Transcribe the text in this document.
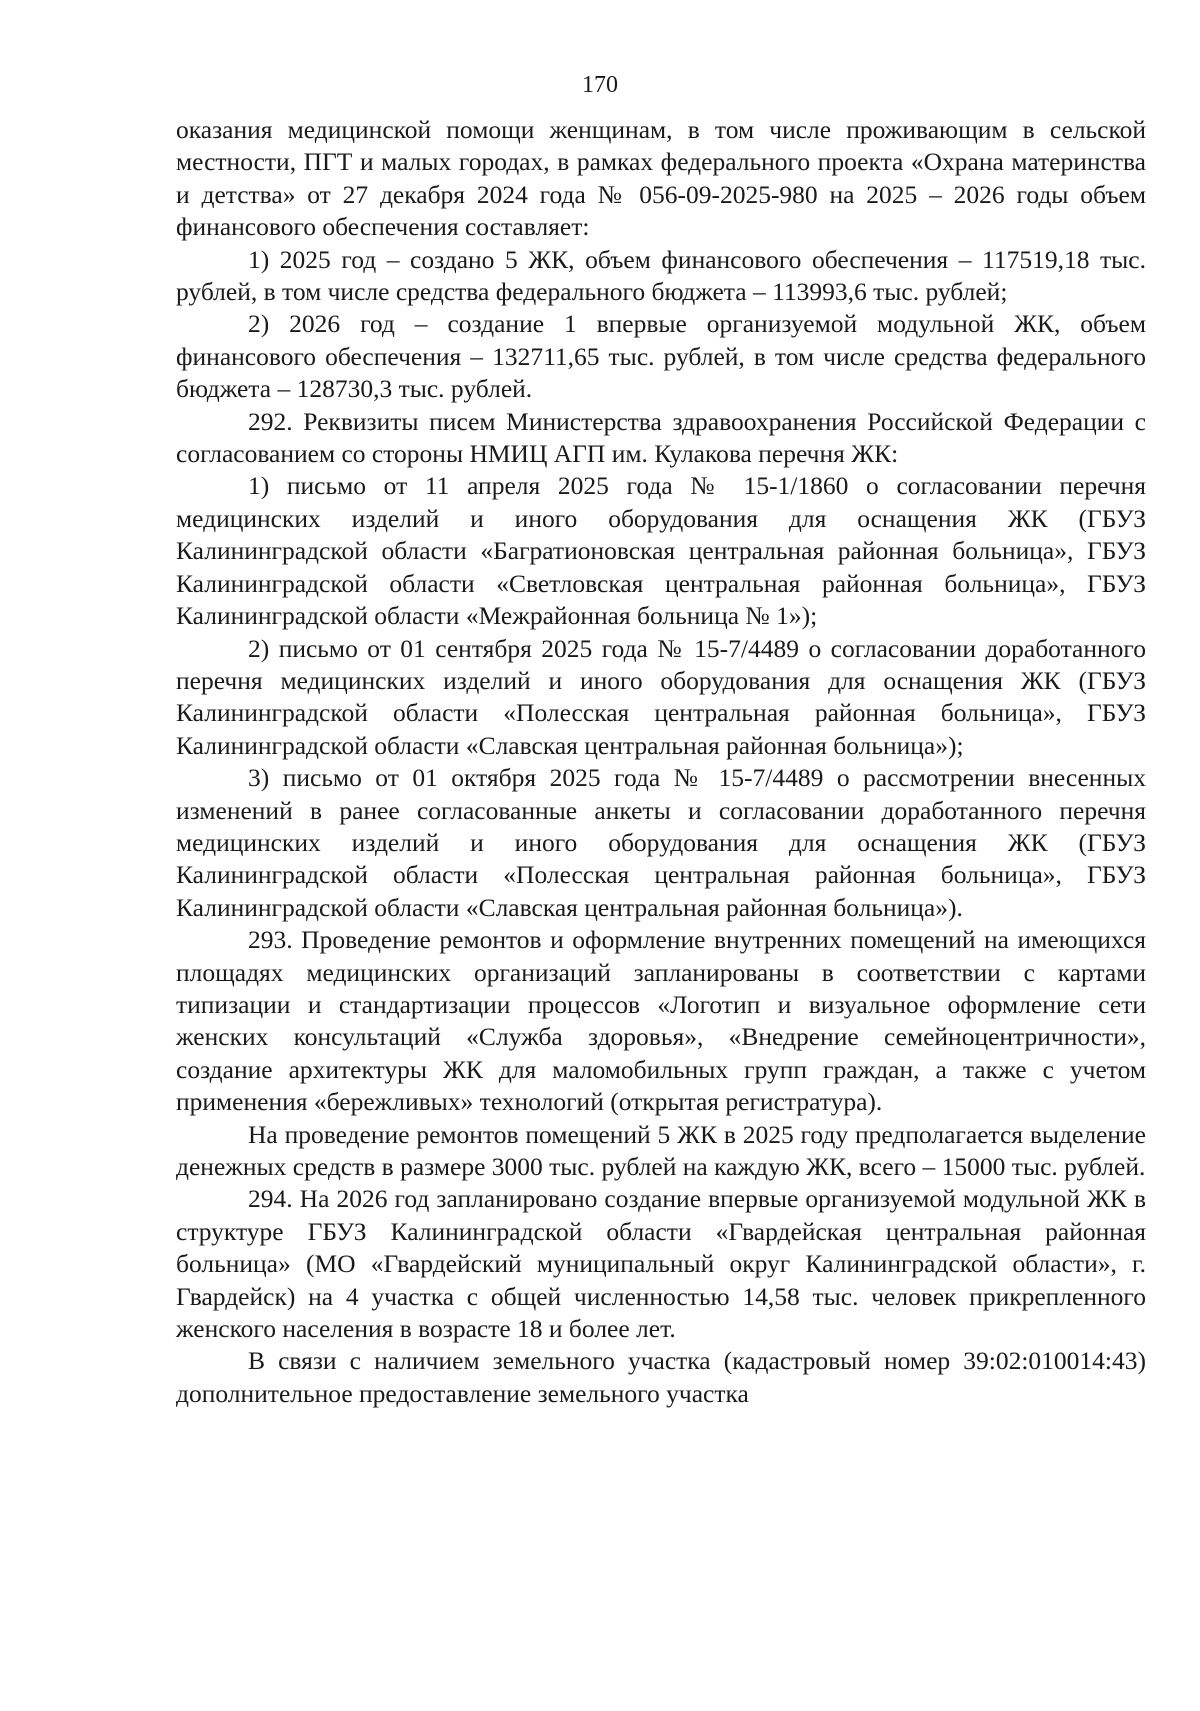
170

оказания медицинской помощи женщинам, в том числе проживающим в сельской местности, ПГТ и малых городах, в рамках федерального проекта «Охрана материнства и детства» от 27 декабря 2024 года № 056-09-2025-980 на 2025 – 2026 годы объем финансового обеспечения составляет:

1) 2025 год – создано 5 ЖК, объем финансового обеспечения – 117519,18 тыс. рублей, в том числе средства федерального бюджета – 113993,6 тыс. рублей;

2) 2026 год – создание 1 впервые организуемой модульной ЖК, объем финансового обеспечения – 132711,65 тыс. рублей, в том числе средства федерального бюджета – 128730,3 тыс. рублей.

292. Реквизиты писем Министерства здравоохранения Российской Федерации с согласованием со стороны НМИЦ АГП им. Кулакова перечня ЖК:

1) письмо от 11 апреля 2025 года № 15-1/1860 о согласовании перечня медицинских изделий и иного оборудования для оснащения ЖК (ГБУЗ Калининградской области «Багратионовская центральная районная больница», ГБУЗ Калининградской области «Светловская центральная районная больница», ГБУЗ Калининградской области «Межрайонная больница № 1»);

2) письмо от 01 сентября 2025 года № 15-7/4489 о согласовании доработанного перечня медицинских изделий и иного оборудования для оснащения ЖК (ГБУЗ Калининградской области «Полесская центральная районная больница», ГБУЗ Калининградской области «Славская центральная районная больница»);

3) письмо от 01 октября 2025 года № 15-7/4489 о рассмотрении внесенных изменений в ранее согласованные анкеты и согласовании доработанного перечня медицинских изделий и иного оборудования для оснащения ЖК (ГБУЗ Калининградской области «Полесская центральная районная больница», ГБУЗ Калининградской области «Славская центральная районная больница»).

293. Проведение ремонтов и оформление внутренних помещений на имеющихся площадях медицинских организаций запланированы в соответствии с картами типизации и стандартизации процессов «Логотип и визуальное оформление сети женских консультаций «Служба здоровья», «Внедрение семейноцентричности», создание архитектуры ЖК для маломобильных групп граждан, а также с учетом применения «бережливых» технологий (открытая регистратура).

На проведение ремонтов помещений 5 ЖК в 2025 году предполагается выделение денежных средств в размере 3000 тыс. рублей на каждую ЖК, всего – 15000 тыс. рублей.

294. На 2026 год запланировано создание впервые организуемой модульной ЖК в структуре ГБУЗ Калининградской области «Гвардейская центральная районная больница» (МО «Гвардейский муниципальный округ Калининградской области», г. Гвардейск) на 4 участка с общей численностью 14,58 тыс. человек прикрепленного женского населения в возрасте 18 и более лет.

В связи с наличием земельного участка (кадастровый номер 39:02:010014:43) дополнительное предоставление земельного участка
